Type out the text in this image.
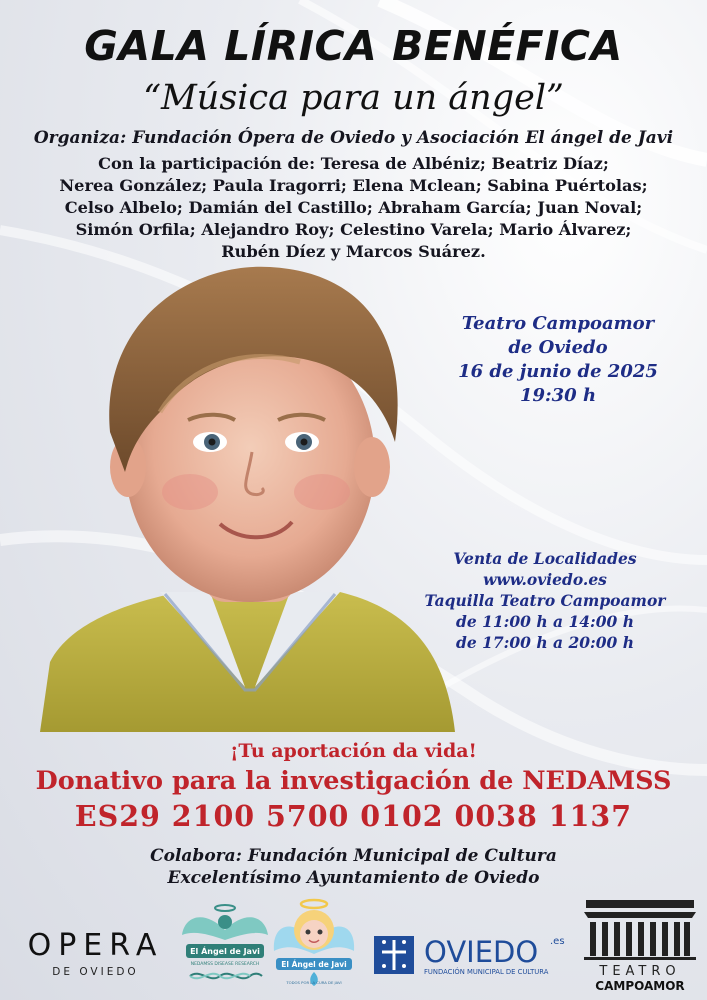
GALA LÍRICA BENÉFICA
“Música para un ángel”
Organiza: Fundación Ópera de Oviedo y Asociación El ángel de Javi
Con la participación de: Teresa de Albéniz; Beatriz Díaz;
Nerea González; Paula Iragorri; Elena Mclean; Sabina Puértolas;
Celso Albelo; Damián del Castillo; Abraham García; Juan Noval;
Simón Orfila; Alejandro Roy; Celestino Varela; Mario Álvarez;
Rubén Díez y Marcos Suárez.
Teatro Campoamor
de Oviedo
16 de junio de 2025
19:30 h
Venta de Localidades
www.oviedo.es
Taquilla Teatro Campoamor
de 11:00 h a 14:00 h
de 17:00 h a 20:00 h
¡Tu aportación da vida!
Donativo para la investigación de NEDAMSS
ES29 2100 5700 0102 0038 1137
Colabora: Fundación Municipal de Cultura
Excelentísimo Ayuntamiento de Oviedo
OPERA
DE OVIEDO
El Ángel de Javi
NEDAMSS DISEASE RESEARCH	El Ángel de Javi
TODOS POR LA CURA DE JAVI
OVIEDO .es
FUNDACIÓN MUNICIPAL DE CULTURA	TEATRO
CAMPOAMOR
